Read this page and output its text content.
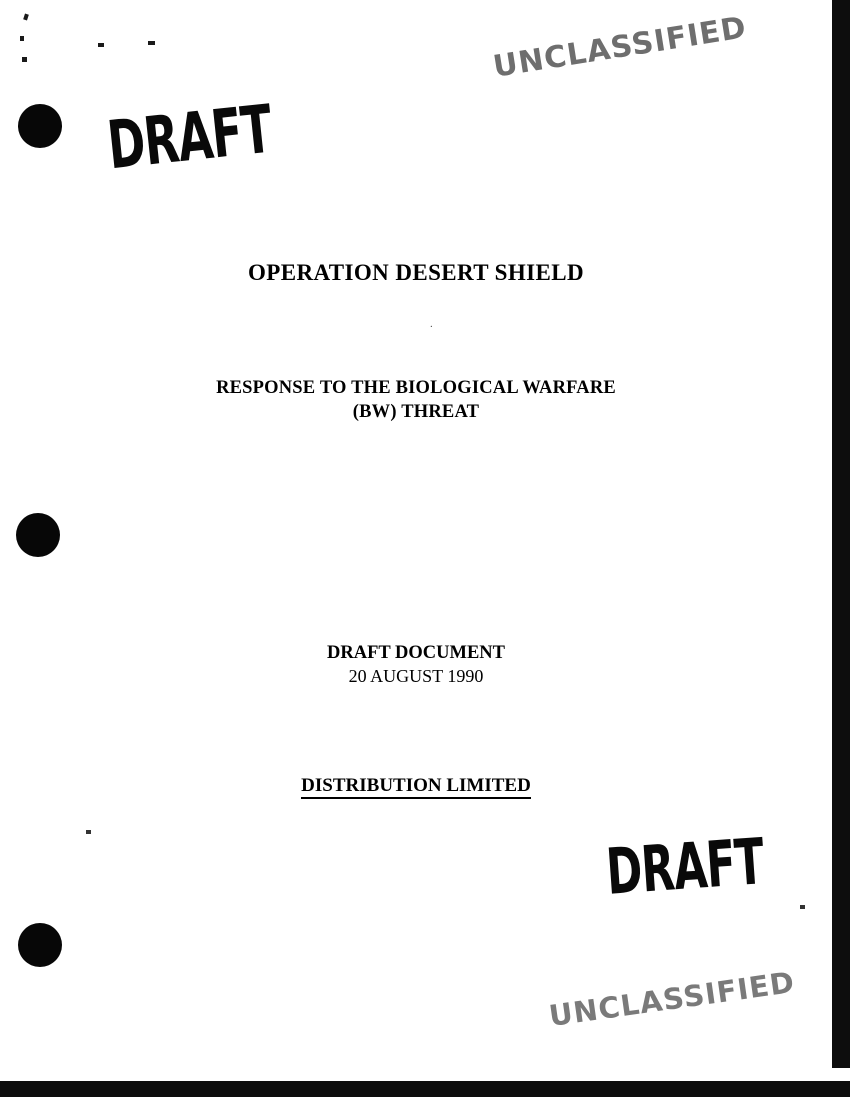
UNCLASSIFIED
DRAFT
OPERATION DESERT SHIELD
.
RESPONSE TO THE BIOLOGICAL WARFARE
(BW) THREAT
DRAFT DOCUMENT
20 AUGUST 1990
DISTRIBUTION LIMITED
DRAFT
UNCLASSIFIED
